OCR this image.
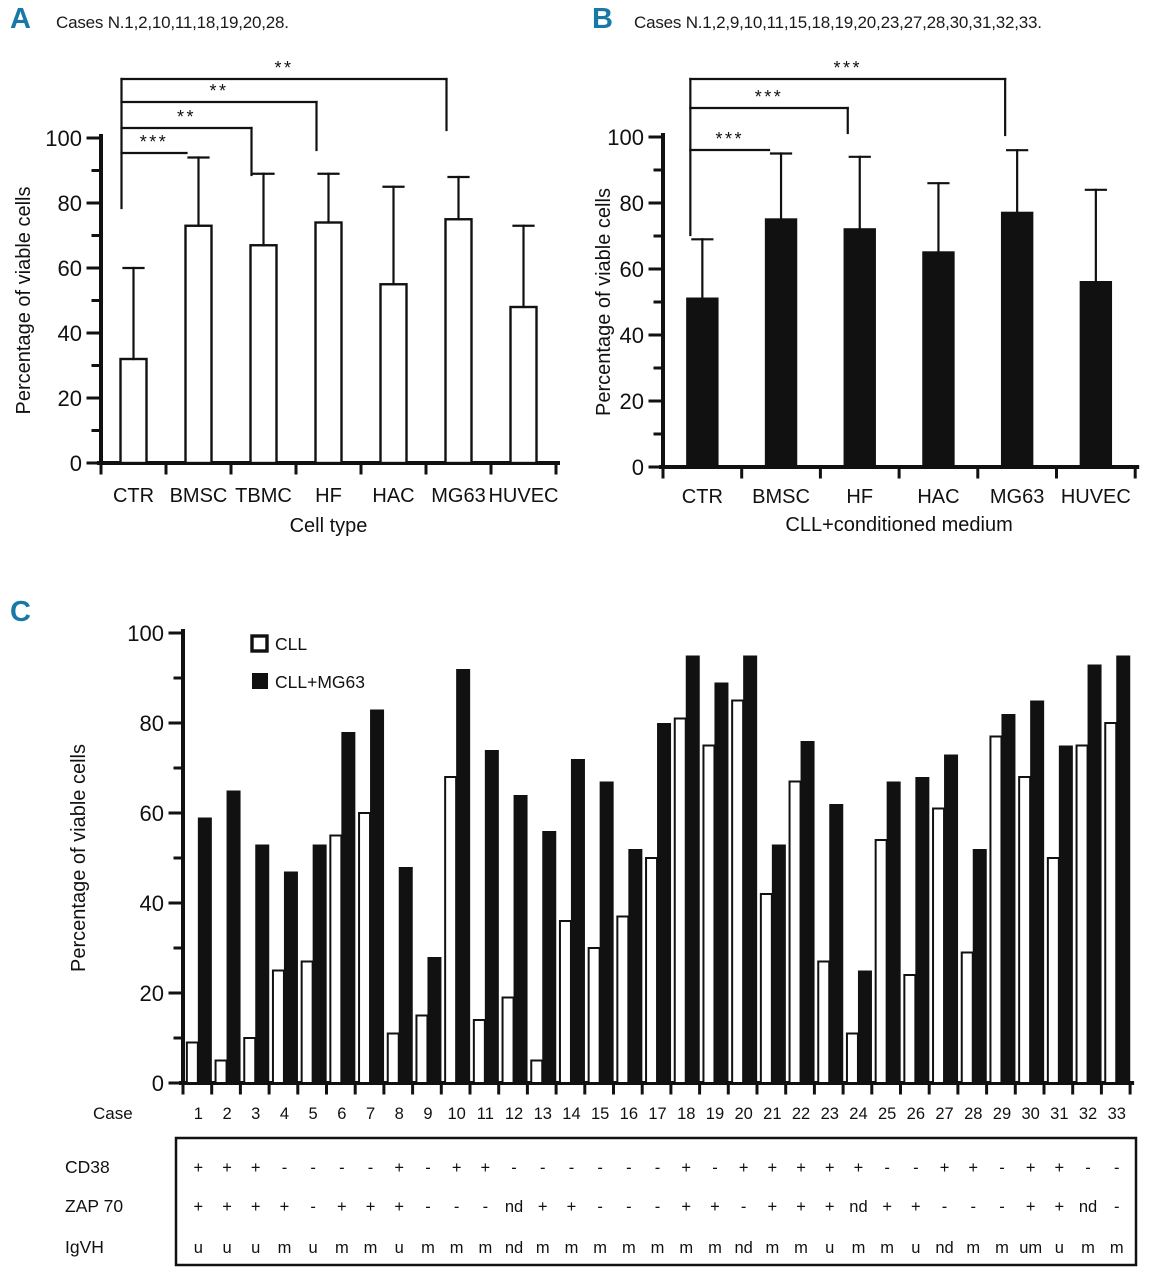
0
20
40
60
80
100
CTR BMSC TBMC HF HAC MG63 HUVEC
Cell type
Percentage of viable cells
***
**
**
**
0
20
40
60
80
100
CTR BMSC HF HAC MG63 HUVEC
CLL+conditioned medium
Percentage of viable cells
***
***
***
0
20
40
60
80
100
1 2 3 4 5 6 7 8 9 10 11 12 13 14 15 16 17 18 19 20 21 22 23 24 25 26 27 28 29 30 31 32 33
Case
Percentage of viable cells
CLL
CLL+MG63
CD38	+ + + - - - - + - + + - - - - - - + - + + + + + - - + + - + + - -
ZAP 70	+ + + + - + + + - - - nd + + - - - + + - + + + nd + + - - - + + nd -
IgVH	u u u m u m m u m m m nd m m m m m m m nd m m u m m u nd m m um u m m
A Cases N.1,2,10,11,18,19,20,28.	B Cases N.1,2,9,10,11,15,18,19,20,23,27,28,30,31,32,33.
C
